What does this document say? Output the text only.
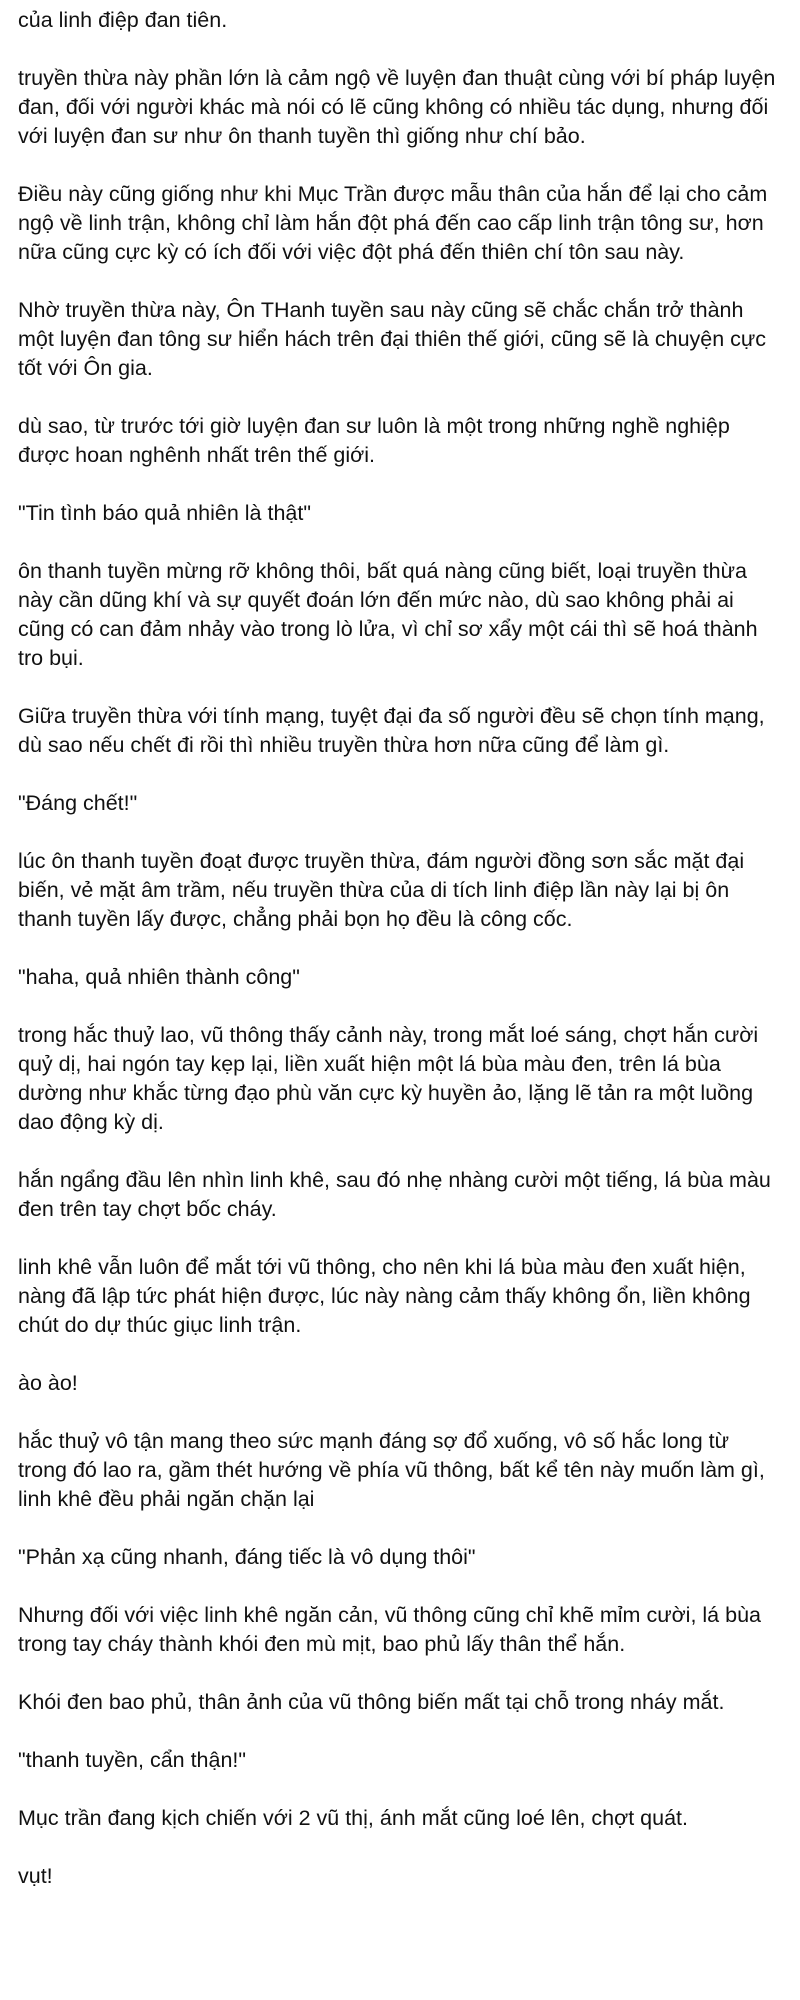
của linh điệp đan tiên.

truyền thừa này phần lớn là cảm ngộ về luyện đan thuật cùng với bí pháp luyện đan, đối với người khác mà nói có lẽ cũng không có nhiều tác dụng, nhưng đối với luyện đan sư như ôn thanh tuyền thì giống như chí bảo.

Điều này cũng giống như khi Mục Trần được mẫu thân của hắn để lại cho cảm ngộ về linh trận, không chỉ làm hắn đột phá đến cao cấp linh trận tông sư, hơn nữa cũng cực kỳ có ích đối với việc đột phá đến thiên chí tôn sau này.

Nhờ truyền thừa này, Ôn THanh tuyền sau này cũng sẽ chắc chắn trở thành một luyện đan tông sư hiển hách trên đại thiên thế giới, cũng sẽ là chuyện cực tốt với Ôn gia.

dù sao, từ trước tới giờ luyện đan sư luôn là một trong những nghề nghiệp được hoan nghênh nhất trên thế giới.

"Tin tình báo quả nhiên là thật"

ôn thanh tuyền mừng rỡ không thôi, bất quá nàng cũng biết, loại truyền thừa này cần dũng khí và sự quyết đoán lớn đến mức nào, dù sao không phải ai cũng có can đảm nhảy vào trong lò lửa, vì chỉ sơ xẩy một cái thì sẽ hoá thành tro bụi.

Giữa truyền thừa với tính mạng, tuyệt đại đa số người đều sẽ chọn tính mạng, dù sao nếu chết đi rồi thì nhiều truyền thừa hơn nữa cũng để làm gì.

"Đáng chết!"

lúc ôn thanh tuyền đoạt được truyền thừa, đám người đồng sơn sắc mặt đại biến, vẻ mặt âm trầm, nếu truyền thừa của di tích linh điệp lần này lại bị ôn thanh tuyền lấy được, chẳng phải bọn họ đều là công cốc.

"haha, quả nhiên thành công"

trong hắc thuỷ lao, vũ thông thấy cảnh này, trong mắt loé sáng, chợt hắn cười quỷ dị, hai ngón tay kẹp lại, liền xuất hiện một lá bùa màu đen, trên lá bùa dường như khắc từng đạo phù văn cực kỳ huyền ảo, lặng lẽ tản ra một luồng dao động kỳ dị.

hắn ngẩng đầu lên nhìn linh khê, sau đó nhẹ nhàng cười một tiếng, lá bùa màu đen trên tay chợt bốc cháy.

linh khê vẫn luôn để mắt tới vũ thông, cho nên khi lá bùa màu đen xuất hiện, nàng đã lập tức phát hiện được, lúc này nàng cảm thấy không ổn, liền không chút do dự thúc giục linh trận.

ào ào!

hắc thuỷ vô tận mang theo sức mạnh đáng sợ đổ xuống, vô số hắc long từ trong đó lao ra, gầm thét hướng về phía vũ thông, bất kể tên này muốn làm gì, linh khê đều phải ngăn chặn lại

"Phản xạ cũng nhanh, đáng tiếc là vô dụng thôi"

Nhưng đối với việc linh khê ngăn cản, vũ thông cũng chỉ khẽ mỉm cười, lá bùa trong tay cháy thành khói đen mù mịt, bao phủ lấy thân thể hắn.

Khói đen bao phủ, thân ảnh của vũ thông biến mất tại chỗ trong nháy mắt.

"thanh tuyền, cẩn thận!"

Mục trần đang kịch chiến với 2 vũ thị, ánh mắt cũng loé lên, chợt quát.

vụt!
